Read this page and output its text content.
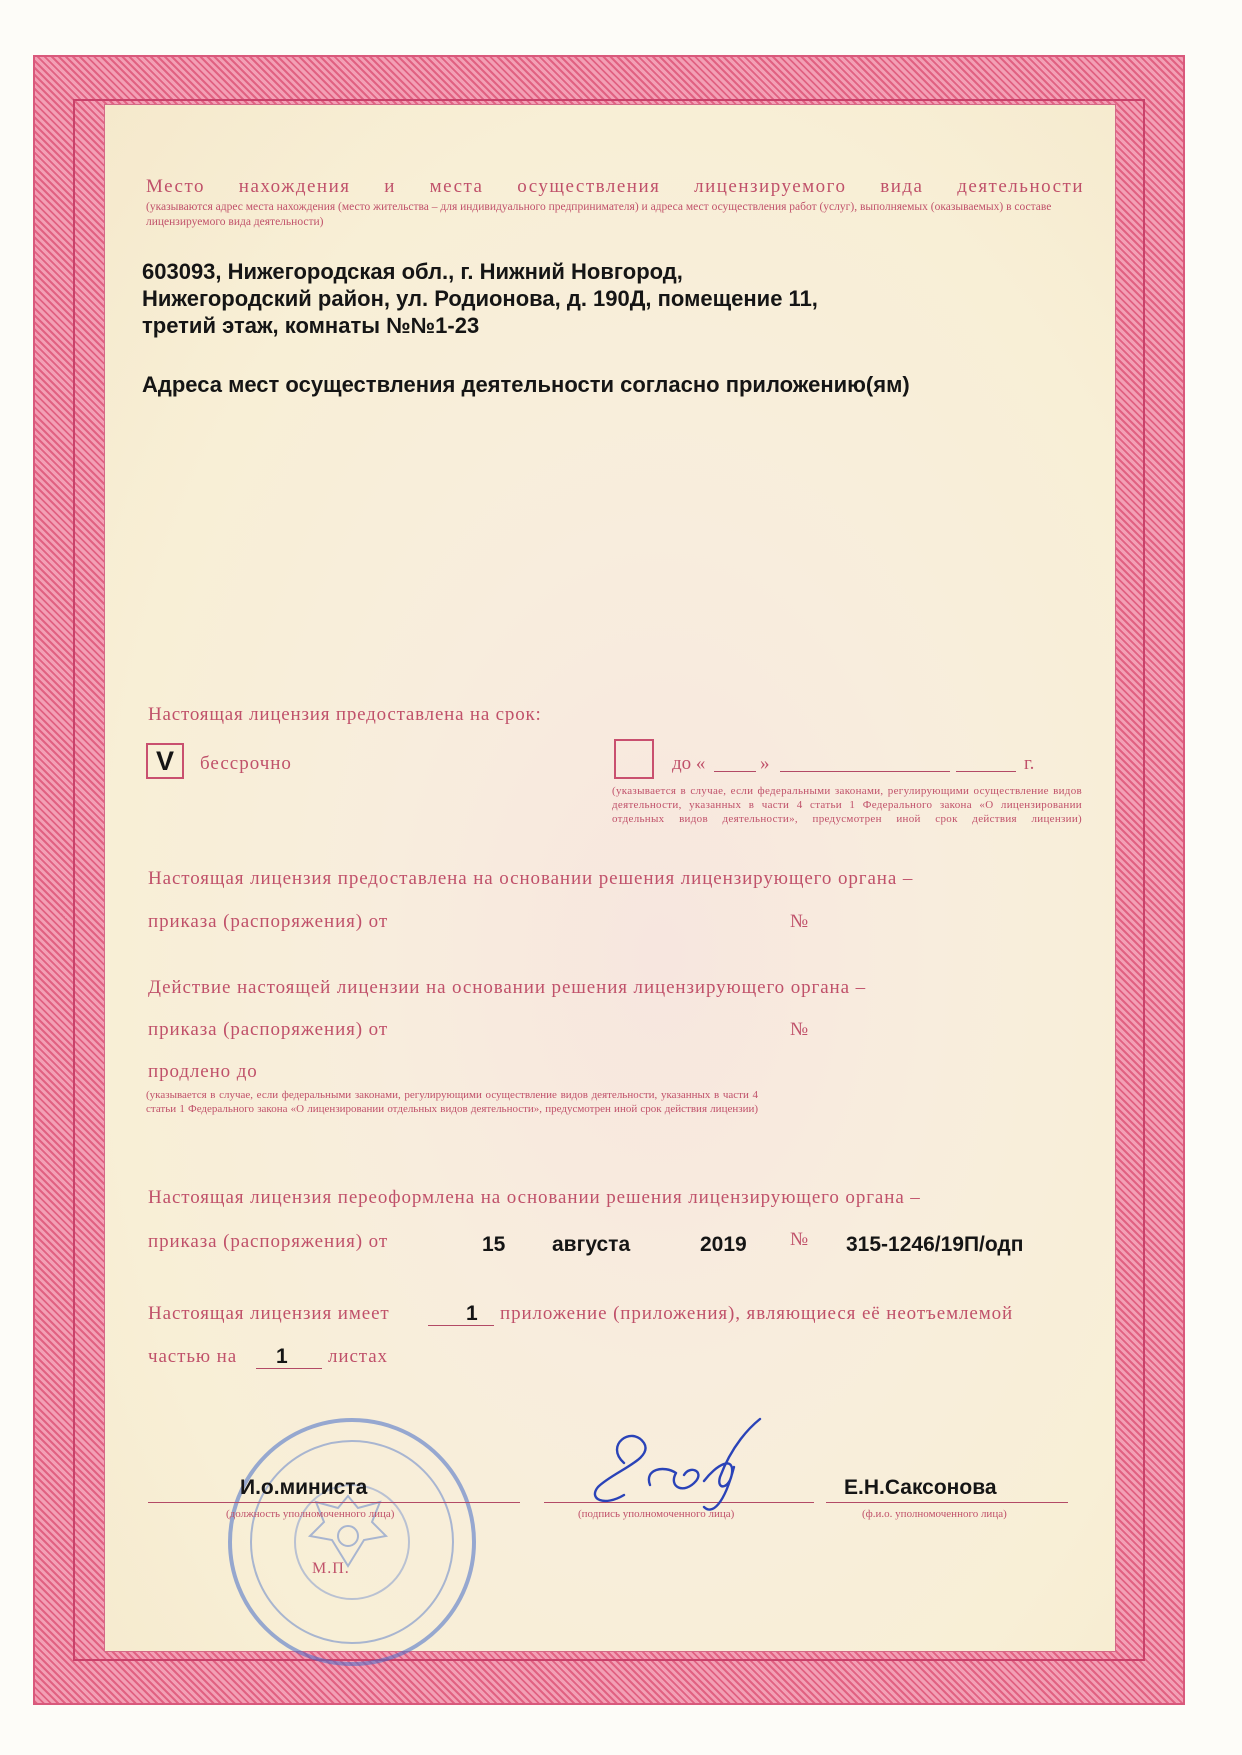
Место нахождения и места осуществления лицензируемого вида деятельности
(указываются адрес места нахождения (место жительства – для индивидуального предпринимателя) и адреса мест осуществления работ (услуг), выполняемых (оказываемых) в составе лицензируемого вида деятельности)
603093, Нижегородская обл., г. Нижний Новгород,
Нижегородский район, ул. Родионова, д. 190Д, помещение 11,
третий этаж, комнаты №№1-23
Адреса мест осуществления деятельности согласно приложению(ям)
Настоящая лицензия предоставлена на срок:
V	бессрочно	до «	»	г.
(указывается в случае, если федеральными законами, регулирующими осуществление видов деятельности, указанных в части 4 статьи 1 Федерального закона «О лицензировании отдельных видов деятельности», предусмотрен иной срок действия лицензии)
Настоящая лицензия предоставлена на основании решения лицензирующего органа –
приказа (распоряжения) от	№
Действие настоящей лицензии на основании решения лицензирующего органа –
приказа (распоряжения) от	№
продлено до
(указывается в случае, если федеральными законами, регулирующими осуществление видов деятельности, указанных в части 4 статьи 1 Федерального закона «О лицензировании отдельных видов деятельности», предусмотрен иной срок действия лицензии)
Настоящая лицензия переоформлена на основании решения лицензирующего органа –
приказа (распоряжения) от	15 августа	2019 № 315-1246/19П/одп
Настоящая лицензия имеет	1 приложение (приложения), являющиеся её неотъемлемой
частью на 1 листах
М.П.
И.о.министа
(должность уполномоченного лица)	(подпись уполномоченного лица)
Е.Н.Саксонова
(ф.и.о. уполномоченного лица)
